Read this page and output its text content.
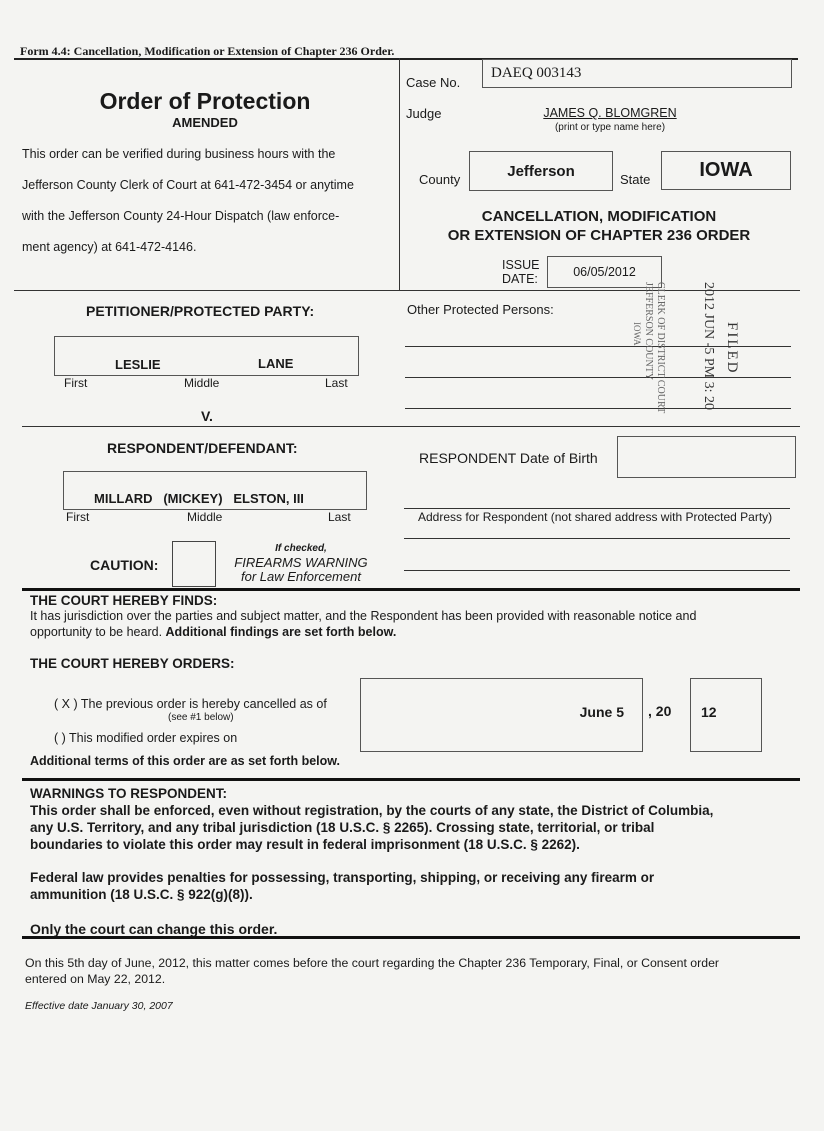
Form 4.4: Cancellation, Modification or Extension of Chapter 236 Order.
Order of Protection
AMENDED
This order can be verified during business hours with the
Jefferson County Clerk of Court at 641-472-3454 or anytime
with the Jefferson County 24-Hour Dispatch (law enforce-
ment agency) at 641-472-4146.
Case No.
DAEQ 003143
Judge	JAMES Q. BLOMGREN
(print or type name here)
County	Jefferson	State	IOWA
CANCELLATION, MODIFICATION
OR EXTENSION OF CHAPTER 236 ORDER
ISSUE
DATE:	06/05/2012
PETITIONER/PROTECTED PARTY:
LESLIE	LANE
First	Middle	Last
V.
Other Protected Persons:	2012 JUN -5 PM 3: 20 FILED
CLERK OF DISTRICT COURT
JEFFERSON COUNTY
IOWA
RESPONDENT/DEFENDANT:
MILLARD   (MICKEY)   ELSTON, III
First	Middle	Last
RESPONDENT Date of Birth
Address for Respondent (not shared address with Protected Party)
CAUTION:
If checked,
FIREARMS WARNING
for Law Enforcement
THE COURT HEREBY FINDS:
It has jurisdiction over the parties and subject matter, and the Respondent has been provided with reasonable notice and
opportunity to be heard. Additional findings are set forth below.
THE COURT HEREBY ORDERS:
( X ) The previous order is hereby cancelled as of
(see #1 below)
( ) This modified order expires on
June 5 , 20 12
Additional terms of this order are as set forth below.
WARNINGS TO RESPONDENT:
This order shall be enforced, even without registration, by the courts of any state, the District of Columbia,
any U.S. Territory, and any tribal jurisdiction (18 U.S.C. § 2265). Crossing state, territorial, or tribal
boundaries to violate this order may result in federal imprisonment (18 U.S.C. § 2262).
Federal law provides penalties for possessing, transporting, shipping, or receiving any firearm or
ammunition (18 U.S.C. § 922(g)(8)).
Only the court can change this order.
On this 5th day of June, 2012, this matter comes before the court regarding the Chapter 236 Temporary, Final, or Consent order
entered on May 22, 2012.
Effective date January 30, 2007
